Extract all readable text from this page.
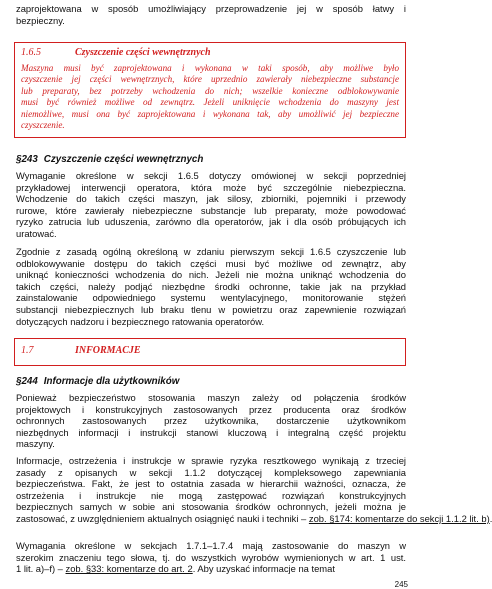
zaprojektowana w sposób umożliwiający przeprowadzenie jej w sposób łatwy i
bezpieczny.
1.6.5	Czyszczenie części wewnętrznych
Maszyna musi być zaprojektowana i wykonana w taki sposób, aby możliwe było
czyszczenie jej części wewnętrznych, które uprzednio zawierały niebezpieczne substancje
lub preparaty, bez potrzeby wchodzenia do nich; wszelkie konieczne odblokowywanie
musi być również możliwe od zewnątrz. Jeżeli uniknięcie wchodzenia do maszyny jest
niemożliwe, musi ona być zaprojektowana i wykonana tak, aby umożliwić jej bezpieczne
czyszczenie.
§243 Czyszczenie części wewnętrznych
Wymaganie określone w sekcji 1.6.5 dotyczy omówionej w sekcji poprzedniej
przykładowej interwencji operatora, która może być szczególnie niebezpieczna.
Wchodzenie do takich części maszyn, jak silosy, zbiorniki, pojemniki i przewody
rurowe, które zawierały niebezpieczne substancje lub preparaty, może powodować
ryzyko zatrucia lub uduszenia, zarówno dla operatorów, jak i dla osób próbujących ich
uratować.
Zgodnie z zasadą ogólną określoną w zdaniu pierwszym sekcji 1.6.5 czyszczenie lub
odblokowywanie dostępu do takich części musi być możliwe od zewnątrz, aby
uniknąć konieczności wchodzenia do nich. Jeżeli nie można uniknąć wchodzenia do
takich części, należy podjąć niezbędne środki ochronne, takie jak na przykład
zainstalowanie odpowiedniego systemu wentylacyjnego, monitorowanie stężeń
substancji niebezpiecznych lub braku tlenu w powietrzu oraz zapewnienie rozwiązań
dotyczących nadzoru i bezpiecznego ratowania operatorów.
1.7	INFORMACJE
§244 Informacje dla użytkowników
Ponieważ bezpieczeństwo stosowania maszyn zależy od połączenia środków
projektowych i konstrukcyjnych zastosowanych przez producenta oraz środków
ochronnych zastosowanych przez użytkownika, dostarczenie użytkownikom
niezbędnych informacji i instrukcji stanowi kluczową i integralną część projektu
maszyny.
Informacje, ostrzeżenia i instrukcje w sprawie ryzyka resztkowego wynikają z trzeciej
zasady z opisanych w sekcji 1.1.2 dotyczącej kompleksowego zapewniania
bezpieczeństwa. Fakt, że jest to ostatnia zasada w hierarchii ważności, oznacza, że
ostrzeżenia i instrukcje nie mogą zastępować rozwiązań konstrukcyjnych
bezpiecznych samych w sobie ani stosowania środków ochronnych, jeżeli można je
zastosować, z uwzględnieniem aktualnych osiągnięć nauki i techniki – zob. §174: komentarze do sekcji 1.1.2 lit. b)
Wymagania określone w sekcjach 1.7.1–1.7.4 mają zastosowanie do maszyn w
szerokim znaczeniu tego słowa, tj. do wszystkich wyrobów wymienionych w art. 1 ust.
1 lit. a)–f) – zob. §33: komentarze do art. 2. Aby uzyskać informacje na temat
245
